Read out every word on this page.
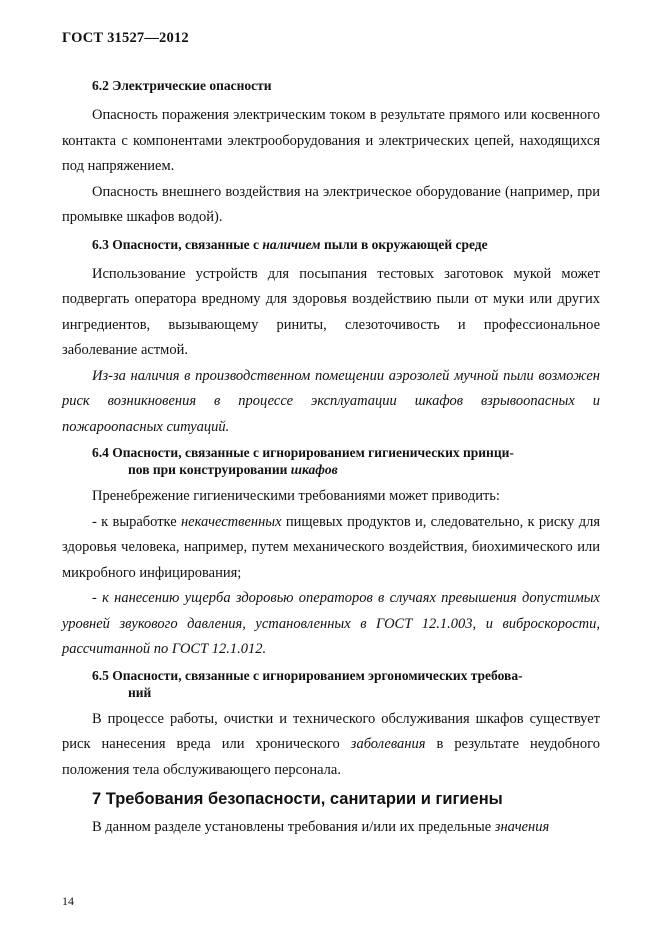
ГОСТ 31527—2012
6.2 Электрические опасности

Опасность поражения электрическим током в результате прямого или косвенного контакта с компонентами электрооборудования и электрических цепей, находящихся под напряжением.

Опасность внешнего воздействия на электрическое оборудование (например, при промывке шкафов водой).

6.3 Опасности, связанные с наличием пыли в окружающей среде

Использование устройств для посыпания тестовых заготовок мукой может подвергать оператора вредному для здоровья воздействию пыли от муки или других ингредиентов, вызывающему риниты, слезоточивость и профессиональное заболевание астмой.

Из-за наличия в производственном помещении аэрозолей мучной пыли возможен риск возникновения в процессе эксплуатации шкафов взрывоопасных и пожароопасных ситуаций.

6.4 Опасности, связанные с игнорированием гигиенических принци-
пов при конструировании шкафов

Пренебрежение гигиеническими требованиями может приводить:

- к выработке некачественных пищевых продуктов и, следовательно, к риску для здоровья человека, например, путем механического воздействия, биохимического или микробного инфицирования;

- к нанесению ущерба здоровью операторов в случаях превышения допустимых уровней звукового давления, установленных в ГОСТ 12.1.003, и виброскорости, рассчитанной по ГОСТ 12.1.012.

6.5 Опасности, связанные с игнорированием эргономических требова-
ний

В процессе работы, очистки и технического обслуживания шкафов существует риск нанесения вреда или хронического заболевания в результате неудобного положения тела обслуживающего персонала.

7 Требования безопасности, санитарии и гигиены

В данном разделе установлены требования и/или их предельные значения

14
